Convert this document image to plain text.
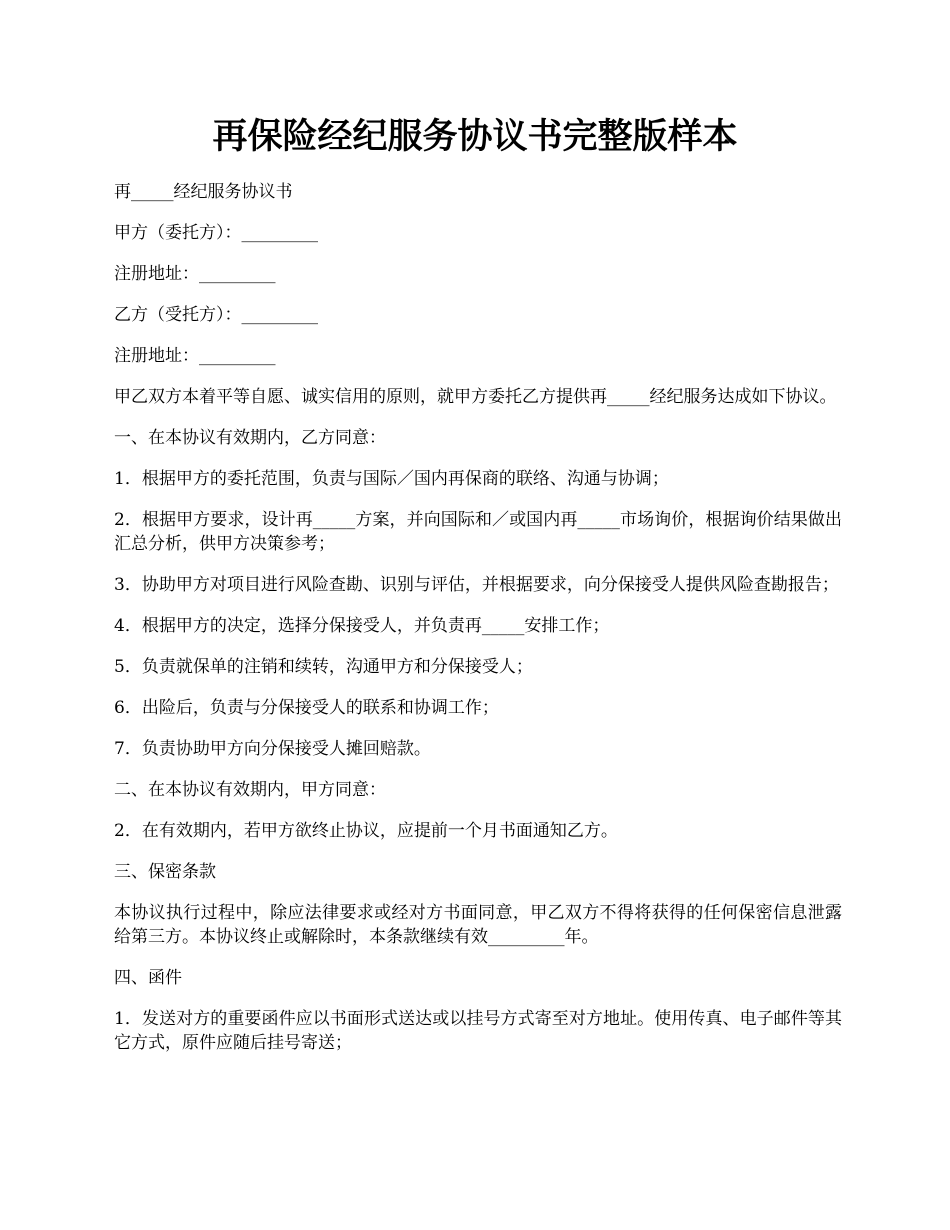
再保险经纪服务协议书完整版样本

再_____经纪服务协议书

甲方（委托方）：_________

注册地址：_________

乙方（受托方）：_________

注册地址：_________

甲乙双方本着平等自愿、诚实信用的原则，就甲方委托乙方提供再_____经纪服务达成如下协议。

一、在本协议有效期内，乙方同意：

1．根据甲方的委托范围，负责与国际／国内再保商的联络、沟通与协调；

2．根据甲方要求，设计再_____方案，并向国际和／或国内再_____市场询价，根据询价结果做出汇总分析，供甲方决策参考；

3．协助甲方对项目进行风险查勘、识别与评估，并根据要求，向分保接受人提供风险查勘报告；

4．根据甲方的决定，选择分保接受人，并负责再_____安排工作；

5．负责就保单的注销和续转，沟通甲方和分保接受人；

6．出险后，负责与分保接受人的联系和协调工作；

7．负责协助甲方向分保接受人摊回赔款。

二、在本协议有效期内，甲方同意：

2．在有效期内，若甲方欲终止协议，应提前一个月书面通知乙方。

三、保密条款

本协议执行过程中，除应法律要求或经对方书面同意，甲乙双方不得将获得的任何保密信息泄露给第三方。本协议终止或解除时，本条款继续有效_________年。

四、函件

1．发送对方的重要函件应以书面形式送达或以挂号方式寄至对方地址。使用传真、电子邮件等其它方式，原件应随后挂号寄送；
